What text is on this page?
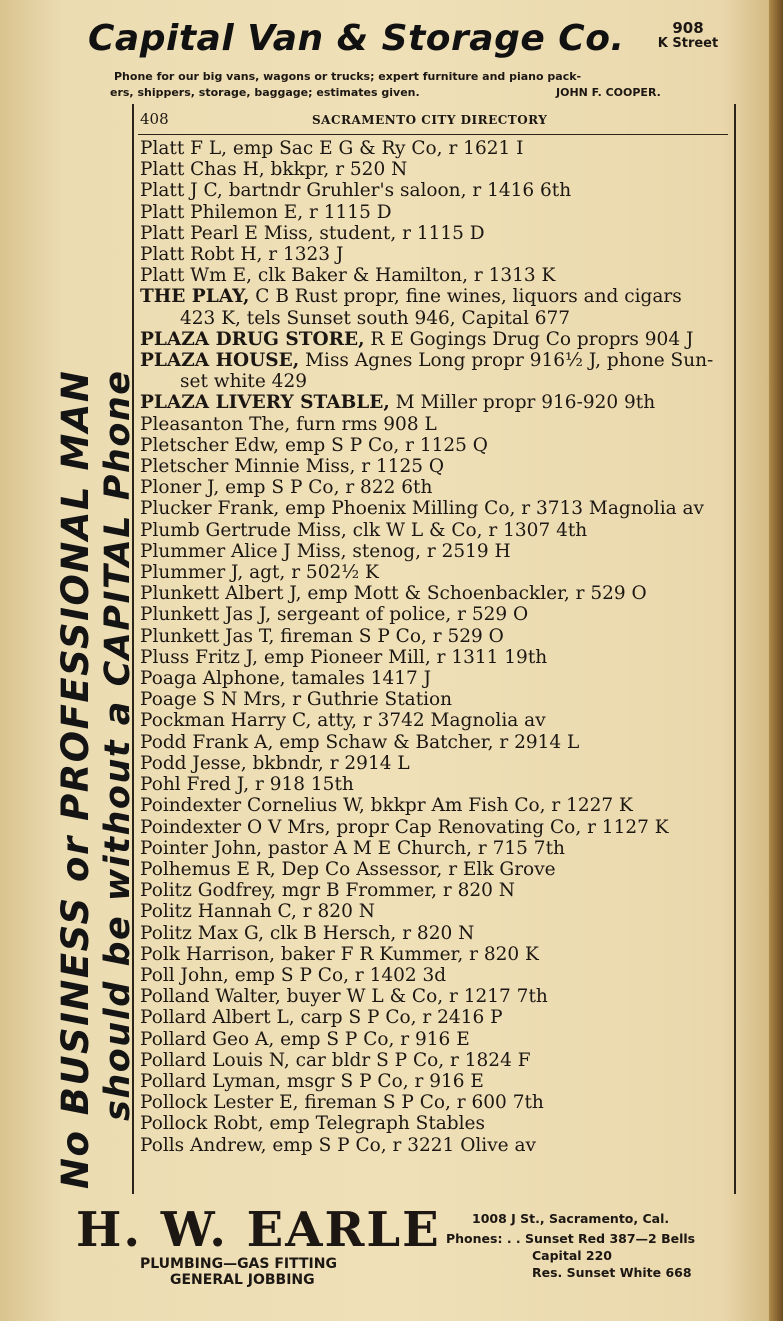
Capital Van & Storage Co.	908
K Street
Phone for our big vans, wagons or trucks; expert furniture and piano pack-
ers, shippers, storage, baggage; estimates given.	JOHN F. COOPER.
No BUSINESS or PROFESSIONAL MAN should be without a CAPITAL Phone
408	SACRAMENTO CITY DIRECTORY
Platt F L, emp Sac E G & Ry Co, r 1621 I
Platt Chas H, bkkpr, r 520 N
Platt J C, bartndr Gruhler's saloon, r 1416 6th
Platt Philemon E, r 1115 D
Platt Pearl E Miss, student, r 1115 D
Platt Robt H, r 1323 J
Platt Wm E, clk Baker & Hamilton, r 1313 K
THE PLAY, C B Rust propr, fine wines, liquors and cigars
423 K, tels Sunset south 946, Capital 677
PLAZA DRUG STORE, R E Gogings Drug Co proprs 904 J
PLAZA HOUSE, Miss Agnes Long propr 916½ J, phone Sun-
set white 429
PLAZA LIVERY STABLE, M Miller propr 916-920 9th
Pleasanton The, furn rms 908 L
Pletscher Edw, emp S P Co, r 1125 Q
Pletscher Minnie Miss, r 1125 Q
Ploner J, emp S P Co, r 822 6th
Plucker Frank, emp Phoenix Milling Co, r 3713 Magnolia av
Plumb Gertrude Miss, clk W L & Co, r 1307 4th
Plummer Alice J Miss, stenog, r 2519 H
Plummer J, agt, r 502½ K
Plunkett Albert J, emp Mott & Schoenbackler, r 529 O
Plunkett Jas J, sergeant of police, r 529 O
Plunkett Jas T, fireman S P Co, r 529 O
Pluss Fritz J, emp Pioneer Mill, r 1311 19th
Poaga Alphone, tamales 1417 J
Poage S N Mrs, r Guthrie Station
Pockman Harry C, atty, r 3742 Magnolia av
Podd Frank A, emp Schaw & Batcher, r 2914 L
Podd Jesse, bkbndr, r 2914 L
Pohl Fred J, r 918 15th
Poindexter Cornelius W, bkkpr Am Fish Co, r 1227 K
Poindexter O V Mrs, propr Cap Renovating Co, r 1127 K
Pointer John, pastor A M E Church, r 715 7th
Polhemus E R, Dep Co Assessor, r Elk Grove
Politz Godfrey, mgr B Frommer, r 820 N
Politz Hannah C, r 820 N
Politz Max G, clk B Hersch, r 820 N
Polk Harrison, baker F R Kummer, r 820 K
Poll John, emp S P Co, r 1402 3d
Polland Walter, buyer W L & Co, r 1217 7th
Pollard Albert L, carp S P Co, r 2416 P
Pollard Geo A, emp S P Co, r 916 E
Pollard Louis N, car bldr S P Co, r 1824 F
Pollard Lyman, msgr S P Co, r 916 E
Pollock Lester E, fireman S P Co, r 600 7th
Pollock Robt, emp Telegraph Stables
Polls Andrew, emp S P Co, r 3221 Olive av
H. W. EARLE
PLUMBING—GAS FITTING
GENERAL JOBBING
1008 J St., Sacramento, Cal.
Phones: . . Sunset Red 387—2 Bells
Capital 220
Res. Sunset White 668
